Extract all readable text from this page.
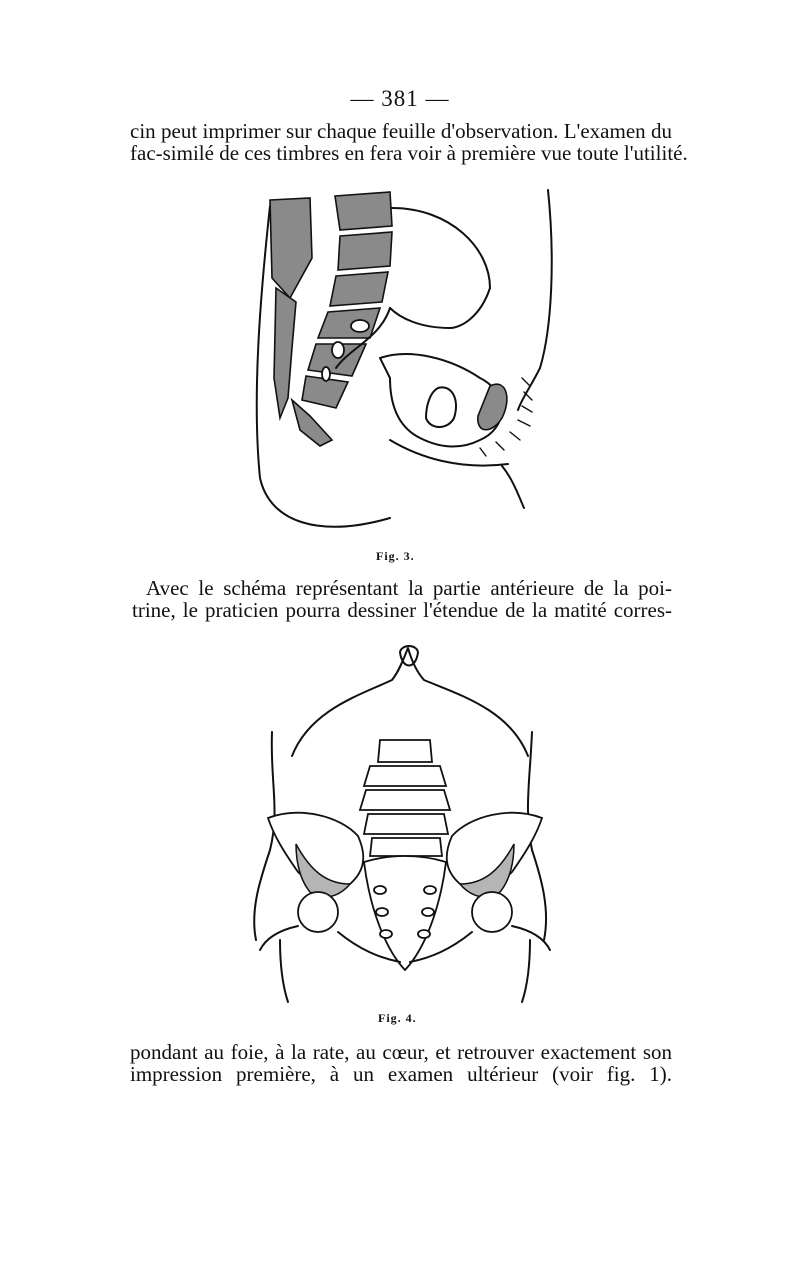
— 381 —
cin peut imprimer sur chaque feuille d'observation. L'examen du
fac-similé de ces timbres en fera voir à première vue toute l'utilité.
Fig. 3.
Avec le schéma représentant la partie antérieure de la poi-
trine, le praticien pourra dessiner l'étendue de la matité corres-
Fig. 4.
pondant au foie, à la rate, au cœur, et retrouver exactement son
impression première, à un examen ultérieur (voir fig. 1).
